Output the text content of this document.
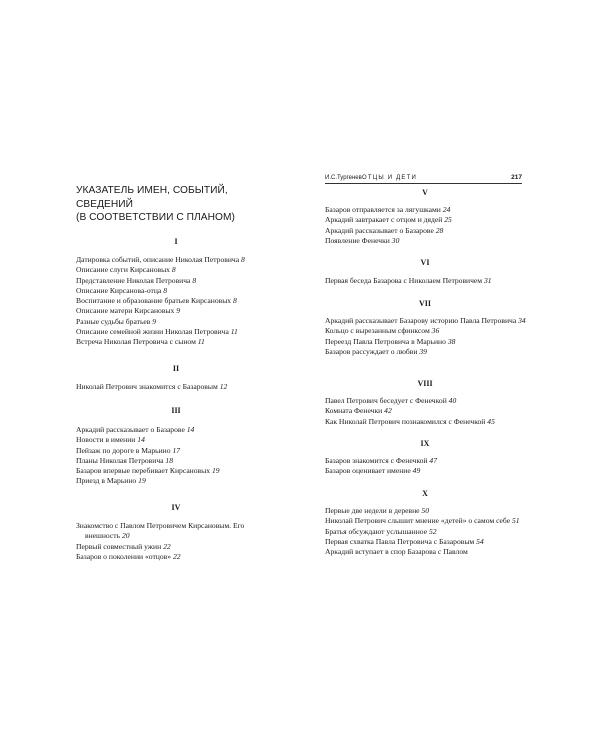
И.С.Тургенев ОТЦЫ И ДЕТИ	217
УКАЗАТЕЛЬ ИМЕН, СОБЫТИЙ, СВЕДЕНИЙ
(В СООТВЕТСТВИИ С ПЛАНОМ)
I
Датировка событий, описание Николая Петровича 8
Описание слуги Кирсановых 8
Представление Николая Петровича 8
Описание Кирсанова-отца 8
Воспитание и образование братьев Кирсановых 8
Описание матери Кирсановых 9
Разные судьбы братьев 9
Описание семейной жизни Николая Петровича 11
Встреча Николая Петровича с сыном 11
II
Николай Петрович знакомится с Базаровым 12
III
Аркадий рассказывает о Базарове 14
Новости в имении 14
Пейзаж по дороге в Марьино 17
Планы Николая Петровича 18
Базаров впервые перебивает Кирсановых 19
Приезд в Марьино 19
IV
Знакомство с Павлом Петровичем Кирсановым. Его внешность 20
Первый совместный ужин 22
Базаров о поколении «отцов» 22
V
Базаров отправляется за лягушками 24
Аркадий завтракает с отцом и дядей 25
Аркадий рассказывает о Базарове 28
Появление Фенечки 30
VI
Первая беседа Базарова с Николаем Петровичем 31
VII
Аркадий рассказывает Базарову историю Павла Петровича 34
Кольцо с вырезанным сфинксом 36
Переезд Павла Петровича в Марьино 38
Базаров рассуждает о любви 39
VIII
Павел Петрович беседует с Фенечкой 40
Комната Фенечки 42
Как Николай Петрович познакомился с Фенечкой 45
IX
Базаров знакомится с Фенечкой 47
Базаров оценивает имение 49
X
Первые две недели в деревне 50
Николай Петрович слышит мнение «детей» о самом себе 51
Братья обсуждают услышанное 52
Первая схватка Павла Петровича с Базаровым 54
Аркадий вступает в спор Базарова с Павлом
